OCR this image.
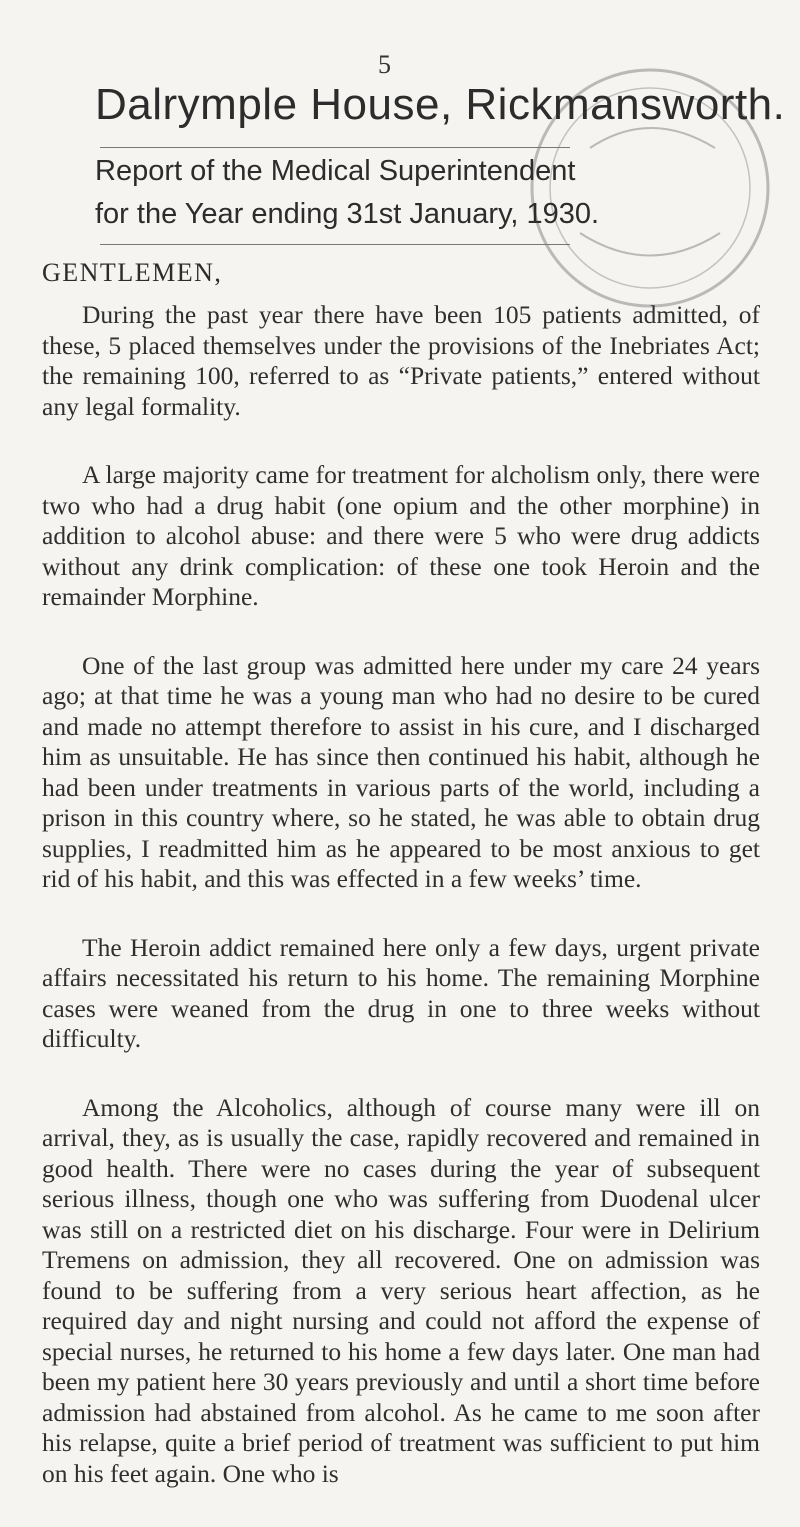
5
Dalrymple House, Rickmansworth.
Report of the Medical Superintendent
for the Year ending 31st January, 1930.
GENTLEMEN,

During the past year there have been 105 patients admitted, of these, 5 placed themselves under the provisions of the Inebriates Act; the remaining 100, referred to as “Private patients,” entered without any legal formality.

A large majority came for treatment for alcholism only, there were two who had a drug habit (one opium and the other morphine) in addition to alcohol abuse: and there were 5 who were drug addicts without any drink complication: of these one took Heroin and the remainder Morphine.

One of the last group was admitted here under my care 24 years ago; at that time he was a young man who had no desire to be cured and made no attempt therefore to assist in his cure, and I discharged him as unsuitable. He has since then continued his habit, although he had been under treatments in various parts of the world, including a prison in this country where, so he stated, he was able to obtain drug supplies, I readmitted him as he appeared to be most anxious to get rid of his habit, and this was effected in a few weeks’ time.

The Heroin addict remained here only a few days, urgent private affairs necessitated his return to his home. The remaining Morphine cases were weaned from the drug in one to three weeks without difficulty.

Among the Alcoholics, although of course many were ill on arrival, they, as is usually the case, rapidly recovered and remained in good health. There were no cases during the year of subsequent serious illness, though one who was suffering from Duodenal ulcer was still on a restricted diet on his discharge. Four were in Delirium Tremens on admission, they all recovered. One on admission was found to be suffering from a very serious heart affection, as he required day and night nursing and could not afford the expense of special nurses, he returned to his home a few days later. One man had been my patient here 30 years previously and until a short time before admission had abstained from alcohol. As he came to me soon after his relapse, quite a brief period of treatment was sufficient to put him on his feet again. One who is
